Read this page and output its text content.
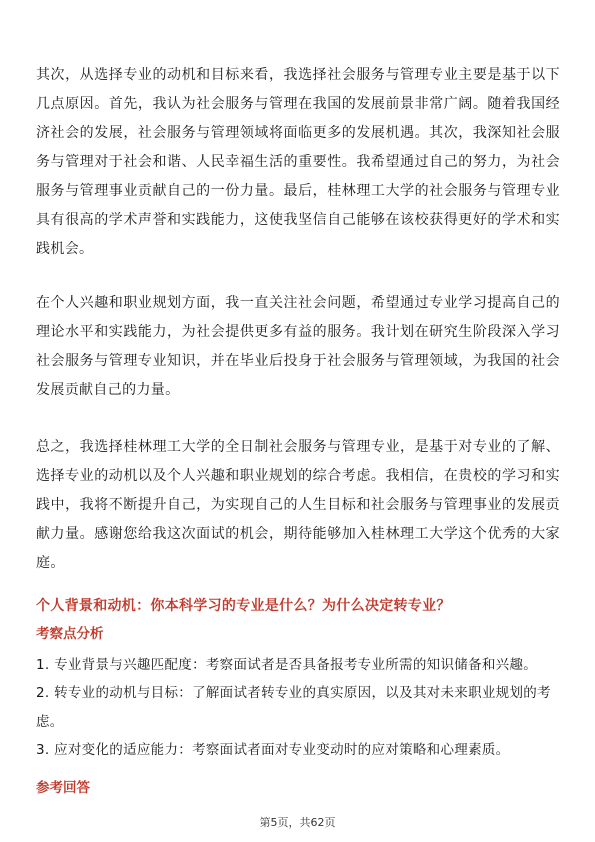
其次，从选择专业的动机和目标来看，我选择社会服务与管理专业主要是基于以下几点原因。首先，我认为社会服务与管理在我国的发展前景非常广阔。随着我国经济社会的发展，社会服务与管理领域将面临更多的发展机遇。其次，我深知社会服务与管理对于社会和谐、人民幸福生活的重要性。我希望通过自己的努力，为社会服务与管理事业贡献自己的一份力量。最后，桂林理工大学的社会服务与管理专业具有很高的学术声誉和实践能力，这使我坚信自己能够在该校获得更好的学术和实践机会。

在个人兴趣和职业规划方面，我一直关注社会问题，希望通过专业学习提高自己的理论水平和实践能力，为社会提供更多有益的服务。我计划在研究生阶段深入学习社会服务与管理专业知识，并在毕业后投身于社会服务与管理领域，为我国的社会发展贡献自己的力量。

总之，我选择桂林理工大学的全日制社会服务与管理专业，是基于对专业的了解、选择专业的动机以及个人兴趣和职业规划的综合考虑。我相信，在贵校的学习和实践中，我将不断提升自己，为实现自己的人生目标和社会服务与管理事业的发展贡献力量。感谢您给我这次面试的机会，期待能够加入桂林理工大学这个优秀的大家庭。

个人背景和动机：你本科学习的专业是什么？为什么决定转专业？
考察点分析

1. 专业背景与兴趣匹配度：考察面试者是否具备报考专业所需的知识储备和兴趣。

2. 转专业的动机与目标：了解面试者转专业的真实原因，以及其对未来职业规划的考虑。

3. 应对变化的适应能力：考察面试者面对专业变动时的应对策略和心理素质。

参考回答
第5页，共62页
